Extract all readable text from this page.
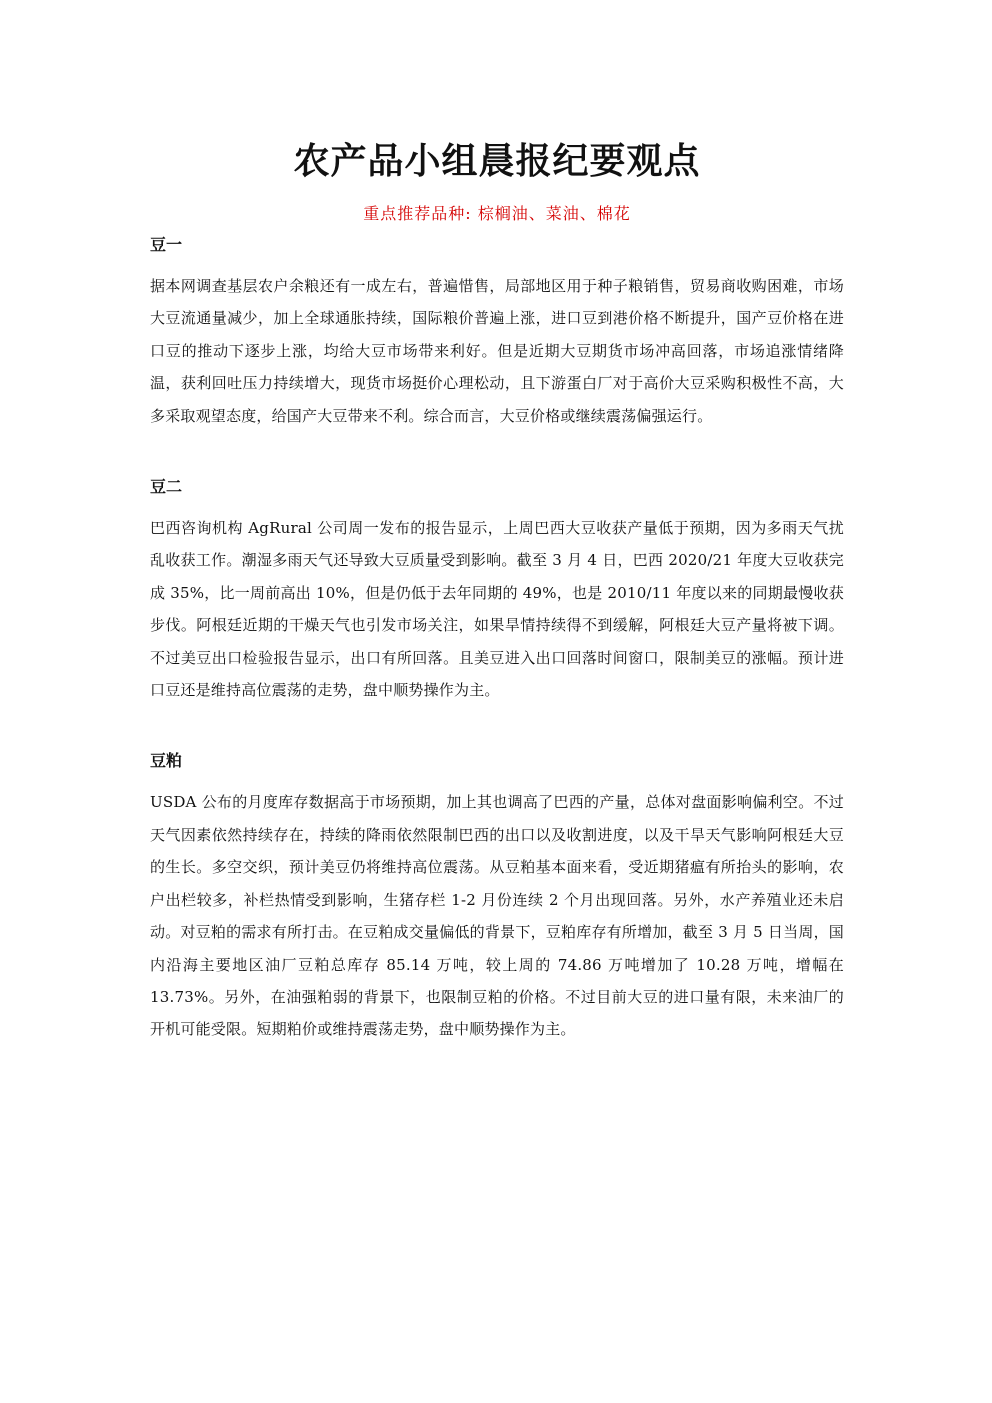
农产品小组晨报纪要观点
重点推荐品种: 棕榈油、菜油、棉花
豆一

据本网调查基层农户余粮还有一成左右，普遍惜售，局部地区用于种子粮销售，贸易商收购困难，市场大豆流通量减少，加上全球通胀持续，国际粮价普遍上涨，进口豆到港价格不断提升，国产豆价格在进口豆的推动下逐步上涨，均给大豆市场带来利好。但是近期大豆期货市场冲高回落，市场追涨情绪降温，获利回吐压力持续增大，现货市场挺价心理松动，且下游蛋白厂对于高价大豆采购积极性不高，大多采取观望态度，给国产大豆带来不利。综合而言，大豆价格或继续震荡偏强运行。

豆二

巴西咨询机构 AgRural 公司周一发布的报告显示，上周巴西大豆收获产量低于预期，因为多雨天气扰乱收获工作。潮湿多雨天气还导致大豆质量受到影响。截至 3 月 4 日，巴西 2020/21 年度大豆收获完成 35%，比一周前高出 10%，但是仍低于去年同期的 49%，也是 2010/11 年度以来的同期最慢收获步伐。阿根廷近期的干燥天气也引发市场关注，如果旱情持续得不到缓解，阿根廷大豆产量将被下调。不过美豆出口检验报告显示，出口有所回落。且美豆进入出口回落时间窗口，限制美豆的涨幅。预计进口豆还是维持高位震荡的走势，盘中顺势操作为主。

豆粕

USDA 公布的月度库存数据高于市场预期，加上其也调高了巴西的产量，总体对盘面影响偏利空。不过天气因素依然持续存在，持续的降雨依然限制巴西的出口以及收割进度，以及干旱天气影响阿根廷大豆的生长。多空交织，预计美豆仍将维持高位震荡。从豆粕基本面来看，受近期猪瘟有所抬头的影响，农户出栏较多，补栏热情受到影响，生猪存栏 1-2 月份连续 2 个月出现回落。另外，水产养殖业还未启动。对豆粕的需求有所打击。在豆粕成交量偏低的背景下，豆粕库存有所增加，截至 3 月 5 日当周，国内沿海主要地区油厂豆粕总库存 85.14 万吨，较上周的 74.86 万吨增加了 10.28 万吨，增幅在 13.73%。另外，在油强粕弱的背景下，也限制豆粕的价格。不过目前大豆的进口量有限，未来油厂的开机可能受限。短期粕价或维持震荡走势，盘中顺势操作为主。
